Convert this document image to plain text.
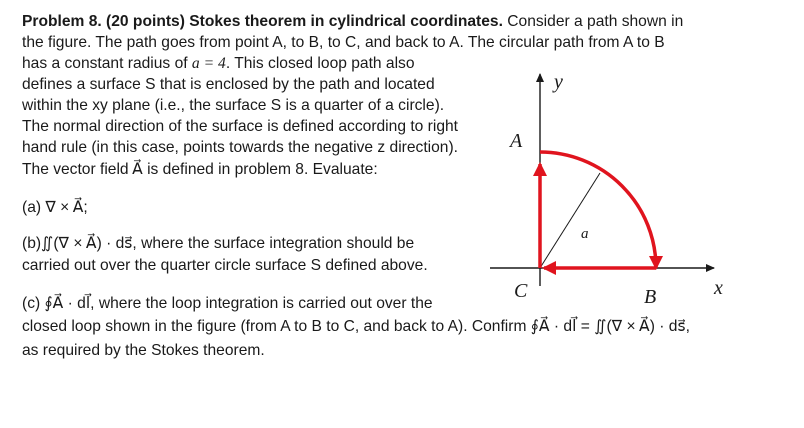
Problem 8. (20 points) Stokes theorem in cylindrical coordinates. Consider a path shown in
the figure. The path goes from point A, to B, to C, and back to A. The circular path from A to B
has a constant radius of a = 4. This closed loop path also
defines a surface S that is enclosed by the path and located
within the xy plane (i.e., the surface S is a quarter of a circle).
The normal direction of the surface is defined according to right
hand rule (in this case, points towards the negative z direction).
The vector field A⃗ is defined in problem 8. Evaluate:
(a) ∇ × A⃗;
(b)∬(∇ × A⃗) · ds⃗, where the surface integration should be
carried out over the quarter circle surface S defined above.
(c) ∮A⃗ · dl⃗, where the loop integration is carried out over the
closed loop shown in the figure (from A to B to C, and back to A). Confirm ∮A⃗ · dl⃗ = ∬(∇ × A⃗) · ds⃗,
as required by the Stokes theorem.
y
x
A
B
C
a
